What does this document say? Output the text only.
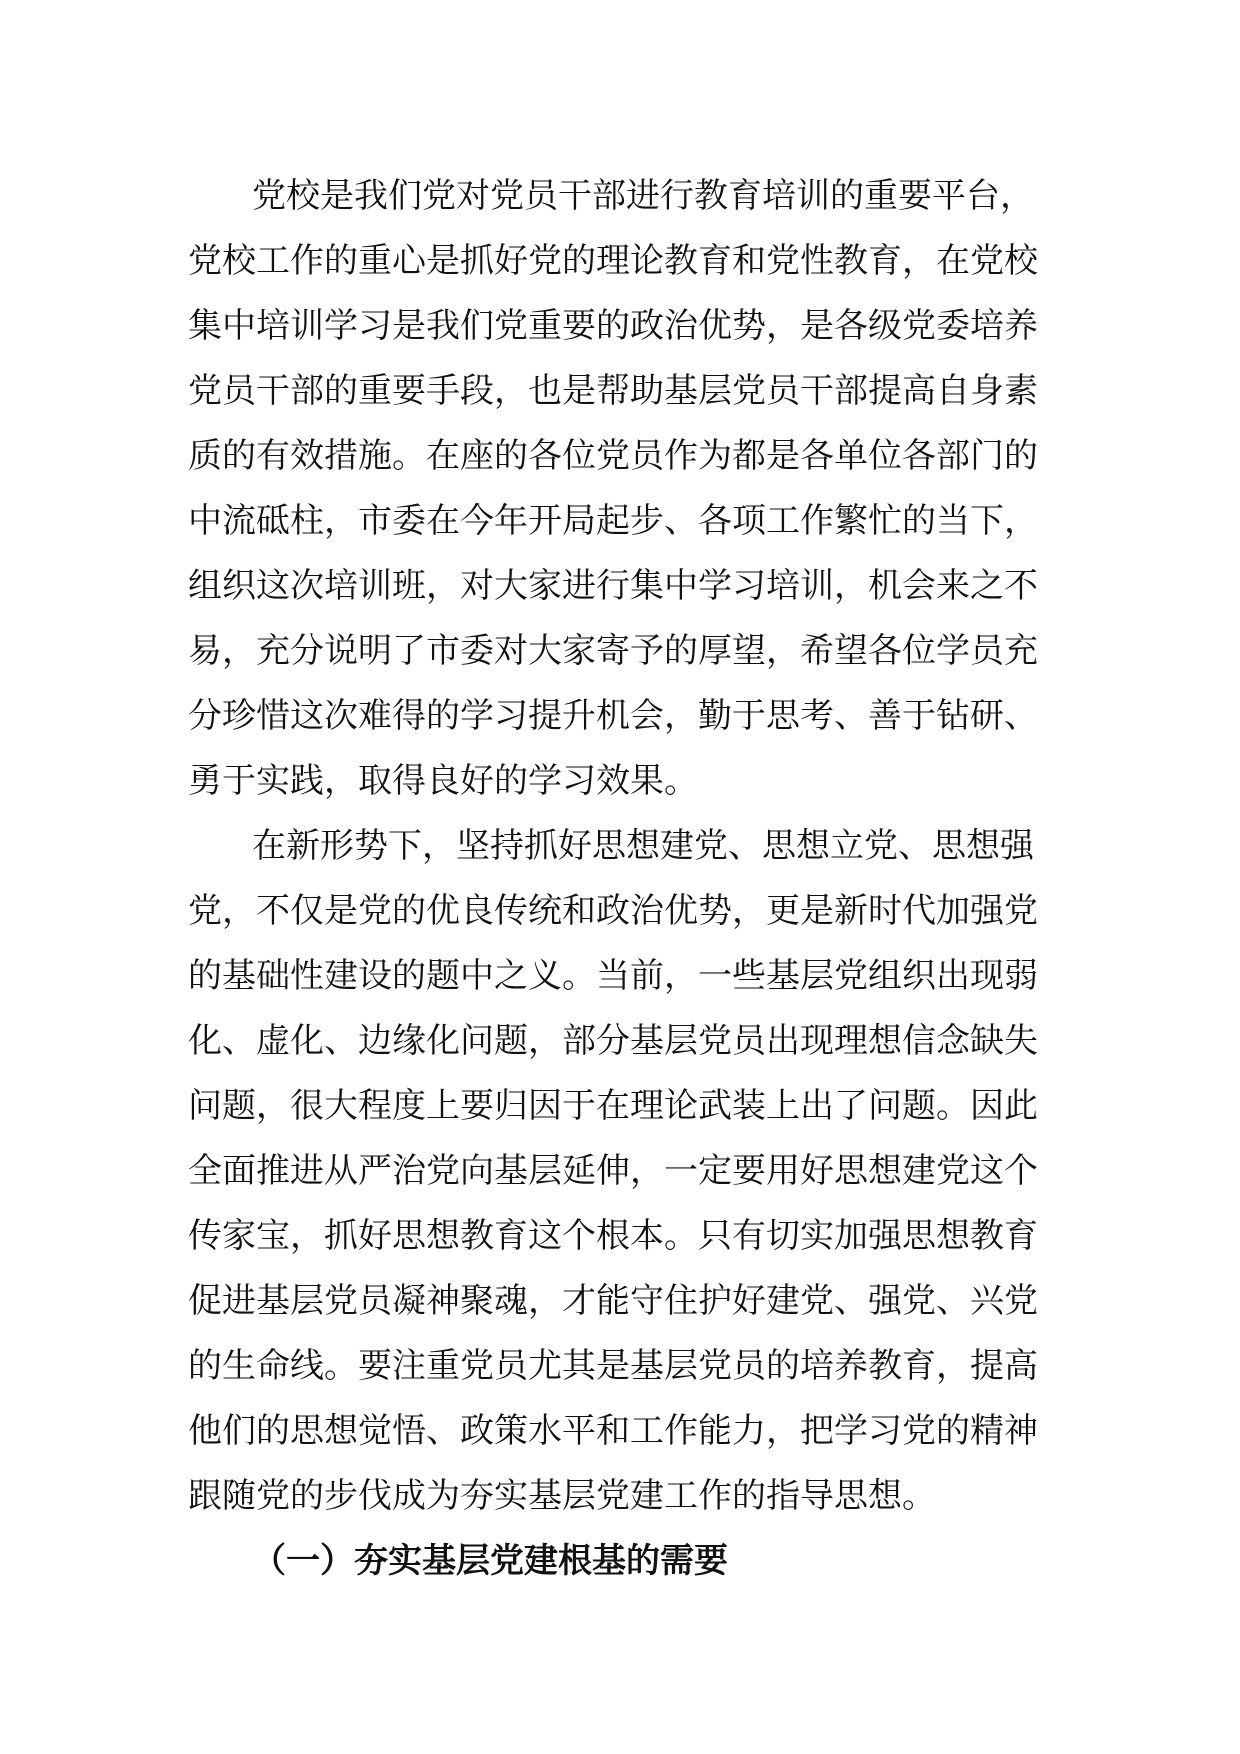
党校是我们党对党员干部进行教育培训的重要平台，
党校工作的重心是抓好党的理论教育和党性教育，在党校
集中培训学习是我们党重要的政治优势，是各级党委培养
党员干部的重要手段，也是帮助基层党员干部提高自身素
质的有效措施。在座的各位党员作为都是各单位各部门的
中流砥柱，市委在今年开局起步、各项工作繁忙的当下，
组织这次培训班，对大家进行集中学习培训，机会来之不
易，充分说明了市委对大家寄予的厚望，希望各位学员充
分珍惜这次难得的学习提升机会，勤于思考、善于钻研、
勇于实践，取得良好的学习效果。
在新形势下，坚持抓好思想建党、思想立党、思想强
党，不仅是党的优良传统和政治优势，更是新时代加强党
的基础性建设的题中之义。当前，一些基层党组织出现弱
化、虚化、边缘化问题，部分基层党员出现理想信念缺失
问题，很大程度上要归因于在理论武装上出了问题。因此
全面推进从严治党向基层延伸，一定要用好思想建党这个
传家宝，抓好思想教育这个根本。只有切实加强思想教育
促进基层党员凝神聚魂，才能守住护好建党、强党、兴党
的生命线。要注重党员尤其是基层党员的培养教育，提高
他们的思想觉悟、政策水平和工作能力，把学习党的精神
跟随党的步伐成为夯实基层党建工作的指导思想。
（一）夯实基层党建根基的需要
